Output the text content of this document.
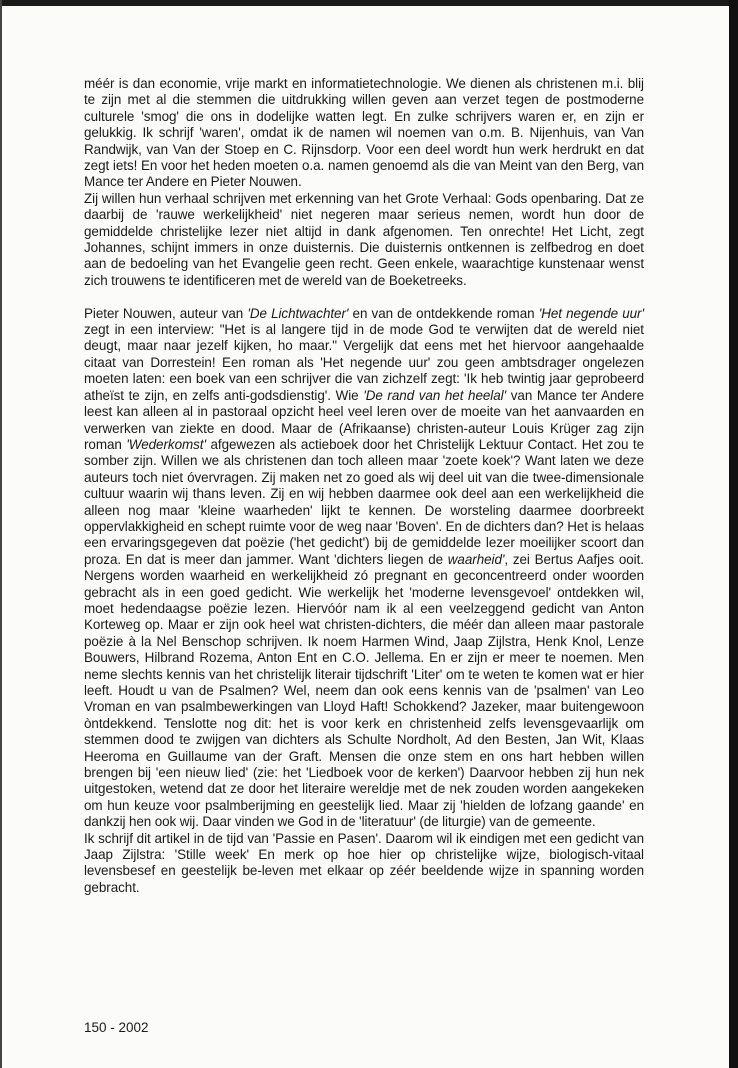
méér is dan economie, vrije markt en informatietechnologie. We dienen als christenen m.i. blij te zijn met al die stemmen die uitdrukking willen geven aan verzet tegen de postmoderne culturele 'smog' die ons in dodelijke watten legt. En zulke schrijvers waren er, en zijn er gelukkig. Ik schrijf 'waren', omdat ik de namen wil noemen van o.m. B. Nijenhuis, van Van Randwijk, van Van der Stoep en C. Rijnsdorp. Voor een deel wordt hun werk herdrukt en dat zegt iets! En voor het heden moeten o.a. namen genoemd als die van Meint van den Berg, van Mance ter Andere en Pieter Nouwen.

Zij willen hun verhaal schrijven met erkenning van het Grote Verhaal: Gods openbaring. Dat ze daarbij de 'rauwe werkelijkheid' niet negeren maar serieus nemen, wordt hun door de gemiddelde christelijke lezer niet altijd in dank afgenomen. Ten onrechte! Het Licht, zegt Johannes, schijnt immers in onze duisternis. Die duisternis ontkennen is zelfbedrog en doet aan de bedoeling van het Evangelie geen recht. Geen enkele, waarachtige kunstenaar wenst zich trouwens te identificeren met de wereld van de Boeketreeks.

Pieter Nouwen, auteur van 'De Lichtwachter' en van de ontdekkende roman 'Het negende uur' zegt in een interview: "Het is al langere tijd in de mode God te verwijten dat de wereld niet deugt, maar naar jezelf kijken, ho maar." Vergelijk dat eens met het hiervoor aangehaalde citaat van Dorrestein! Een roman als 'Het negende uur' zou geen ambtsdrager ongelezen moeten laten: een boek van een schrijver die van zichzelf zegt: 'Ik heb twintig jaar geprobeerd atheïst te zijn, en zelfs anti-godsdienstig'. Wie 'De rand van het heelal' van Mance ter Andere leest kan alleen al in pastoraal opzicht heel veel leren over de moeite van het aanvaarden en verwerken van ziekte en dood. Maar de (Afrikaanse) christen-auteur Louis Krüger zag zijn roman 'Wederkomst' afgewezen als actieboek door het Christelijk Lektuur Contact. Het zou te somber zijn. Willen we als christenen dan toch alleen maar 'zoete koek'? Want laten we deze auteurs toch niet óvervragen. Zij maken net zo goed als wij deel uit van die twee-dimensionale cultuur waarin wij thans leven. Zij en wij hebben daarmee ook deel aan een werkelijkheid die alleen nog maar 'kleine waarheden' lijkt te kennen. De worsteling daarmee doorbreekt oppervlakkigheid en schept ruimte voor de weg naar 'Boven'. En de dichters dan? Het is helaas een ervaringsgegeven dat poëzie ('het gedicht') bij de gemiddelde lezer moeilijker scoort dan proza. En dat is meer dan jammer. Want 'dichters liegen de waarheid', zei Bertus Aafjes ooit. Nergens worden waarheid en werkelijkheid zó pregnant en geconcentreerd onder woorden gebracht als in een goed gedicht. Wie werkelijk het 'moderne levensgevoel' ontdekken wil, moet hedendaagse poëzie lezen. Hiervóór nam ik al een veelzeggend gedicht van Anton Korteweg op. Maar er zijn ook heel wat christen-dichters, die méér dan alleen maar pastorale poëzie à la Nel Benschop schrijven. Ik noem Harmen Wind, Jaap Zijlstra, Henk Knol, Lenze Bouwers, Hilbrand Rozema, Anton Ent en C.O. Jellema. En er zijn er meer te noemen. Men neme slechts kennis van het christelijk literair tijdschrift 'Liter' om te weten te komen wat er hier leeft. Houdt u van de Psalmen? Wel, neem dan ook eens kennis van de 'psalmen' van Leo Vroman en van psalmbewerkingen van Lloyd Haft! Schokkend? Jazeker, maar buitengewoon òntdekkend. Tenslotte nog dit: het is voor kerk en christenheid zelfs levensgevaarlijk om stemmen dood te zwijgen van dichters als Schulte Nordholt, Ad den Besten, Jan Wit, Klaas Heeroma en Guillaume van der Graft. Mensen die onze stem en ons hart hebben willen brengen bij 'een nieuw lied' (zie: het 'Liedboek voor de kerken') Daarvoor hebben zij hun nek uitgestoken, wetend dat ze door het literaire wereldje met de nek zouden worden aangekeken om hun keuze voor psalmberijming en geestelijk lied. Maar zij 'hielden de lofzang gaande' en dankzij hen ook wij. Daar vinden we God in de 'literatuur' (de liturgie) van de gemeente.

Ik schrijf dit artikel in de tijd van 'Passie en Pasen'. Daarom wil ik eindigen met een gedicht van Jaap Zijlstra: 'Stille week' En merk op hoe hier op christelijke wijze, biologisch-vitaal levensbesef en geestelijk be-leven met elkaar op zéér beeldende wijze in spanning worden gebracht.

150 - 2002
